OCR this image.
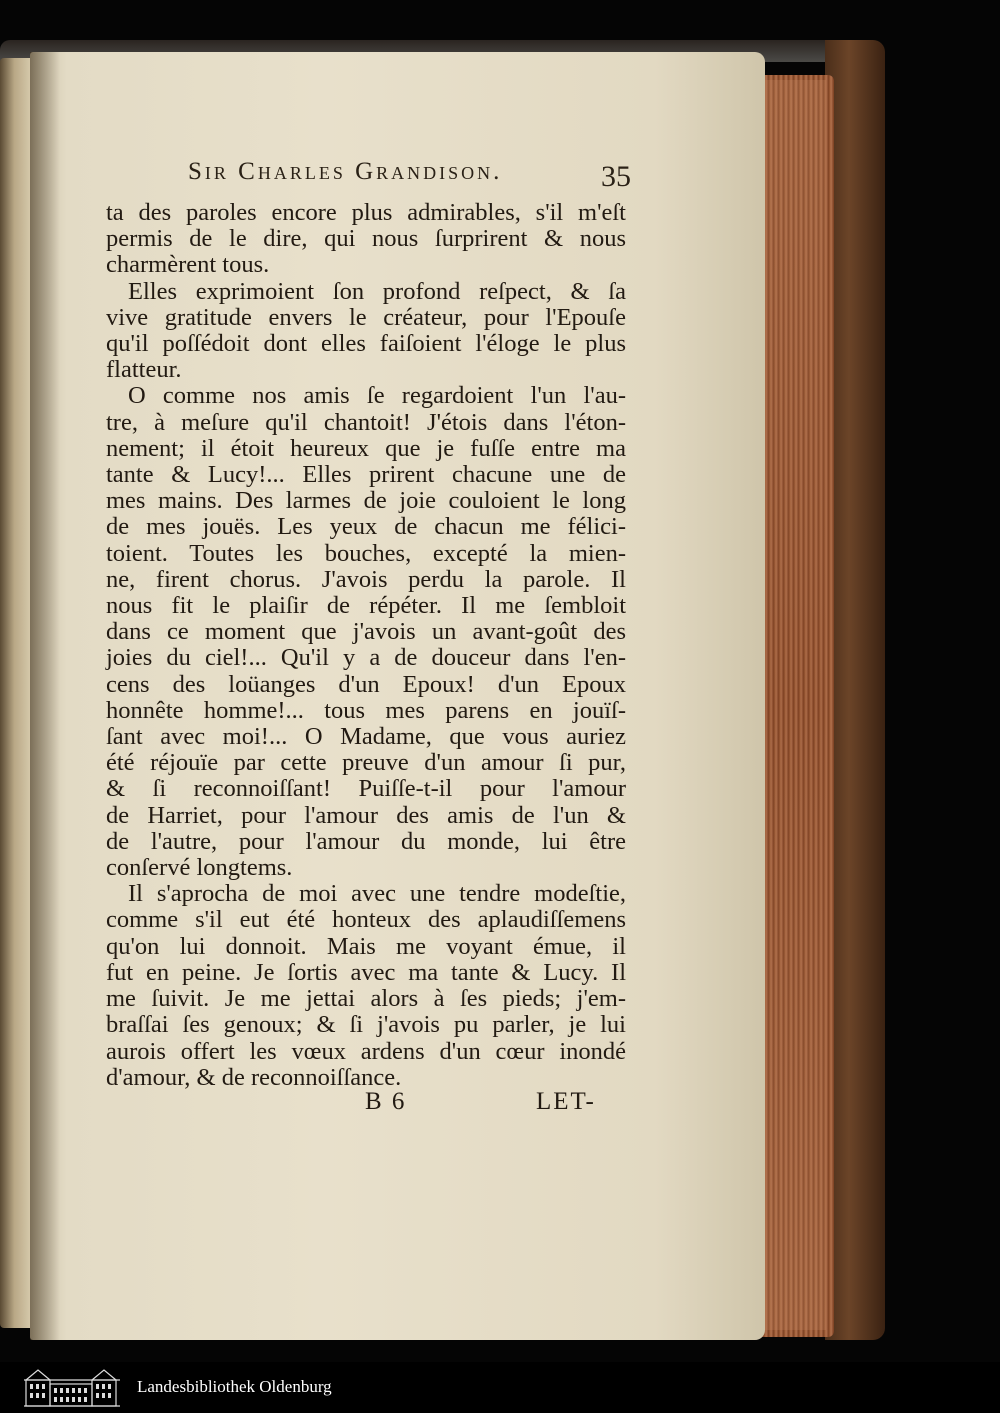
Sir Charles Grandison.	35
ta des paroles encore plus admirables, s'il m'eſt
permis de le dire, qui nous ſurprirent & nous
charmèrent tous.
Elles exprimoient ſon profond reſpect, & ſa
vive gratitude envers le créateur, pour l'Epouſe
qu'il poſſédoit dont elles faiſoient l'éloge le plus
flatteur.
O comme nos amis ſe regardoient l'un l'au-
tre, à meſure qu'il chantoit! J'étois dans l'éton-
nement; il étoit heureux que je fuſſe entre ma
tante & Lucy!... Elles prirent chacune une de
mes mains. Des larmes de joie couloient le long
de mes jouës. Les yeux de chacun me félici-
toient. Toutes les bouches, excepté la mien-
ne, firent chorus. J'avois perdu la parole. Il
nous fit le plaiſir de répéter. Il me ſembloit
dans ce moment que j'avois un avant-goût des
joies du ciel!... Qu'il y a de douceur dans l'en-
cens des loüanges d'un Epoux! d'un Epoux
honnête homme!... tous mes parens en jouïſ-
ſant avec moi!... O Madame, que vous auriez
été réjouïe par cette preuve d'un amour ſi pur,
& ſi reconnoiſſant! Puiſſe-t-il pour l'amour
de Harriet, pour l'amour des amis de l'un &
de l'autre, pour l'amour du monde, lui être
conſervé longtems.
Il s'aprocha de moi avec une tendre modeſtie,
comme s'il eut été honteux des aplaudiſſemens
qu'on lui donnoit. Mais me voyant émue, il
fut en peine. Je ſortis avec ma tante & Lucy. Il
me ſuivit. Je me jettai alors à ſes pieds; j'em-
braſſai ſes genoux; & ſi j'avois pu parler, je lui
aurois offert les vœux ardens d'un cœur inondé
d'amour, & de reconnoiſſance.
B 6	LET-
Landesbibliothek Oldenburg
